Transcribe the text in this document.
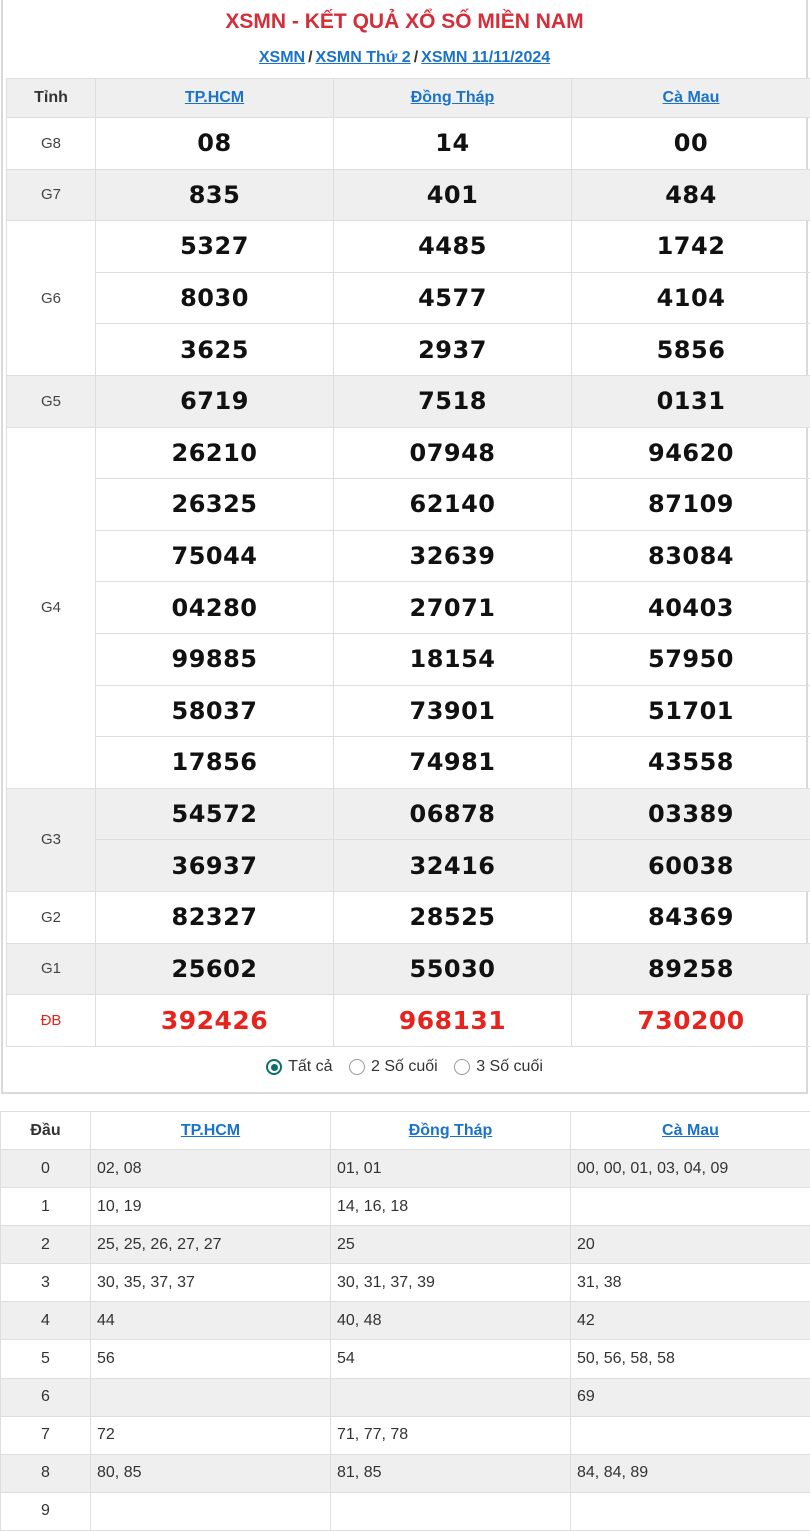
XSMN - KẾT QUẢ XỔ SỐ MIỀN NAM
XSMN / XSMN Thứ 2 / XSMN 11/11/2024
Tỉnh	TP.HCM	Đồng Tháp	Cà Mau
G8	08	14	00
G7	835	401	484
G6	5327	4485	1742
	8030	4577	4104
	3625	2937	5856
G5	6719	7518	0131
G4	26210	07948	94620
	26325	62140	87109
	75044	32639	83084
	04280	27071	40403
	99885	18154	57950
	58037	73901	51701
	17856	74981	43558
G3	54572	06878	03389
	36937	32416	60038
G2	82327	28525	84369
G1	25602	55030	89258
ĐB	392426	968131	730200
Tất cả
2 Số cuối
3 Số cuối
Đầu	TP.HCM	Đồng Tháp	Cà Mau
0	02, 08	01, 01	00, 00, 01, 03, 04, 09
1	10, 19	14, 16, 18	
2	25, 25, 26, 27, 27	25	20
3	30, 35, 37, 37	30, 31, 37, 39	31, 38
4	44	40, 48	42
5	56	54	50, 56, 58, 58
6			69
7	72	71, 77, 78	
8	80, 85	81, 85	84, 84, 89
9			
